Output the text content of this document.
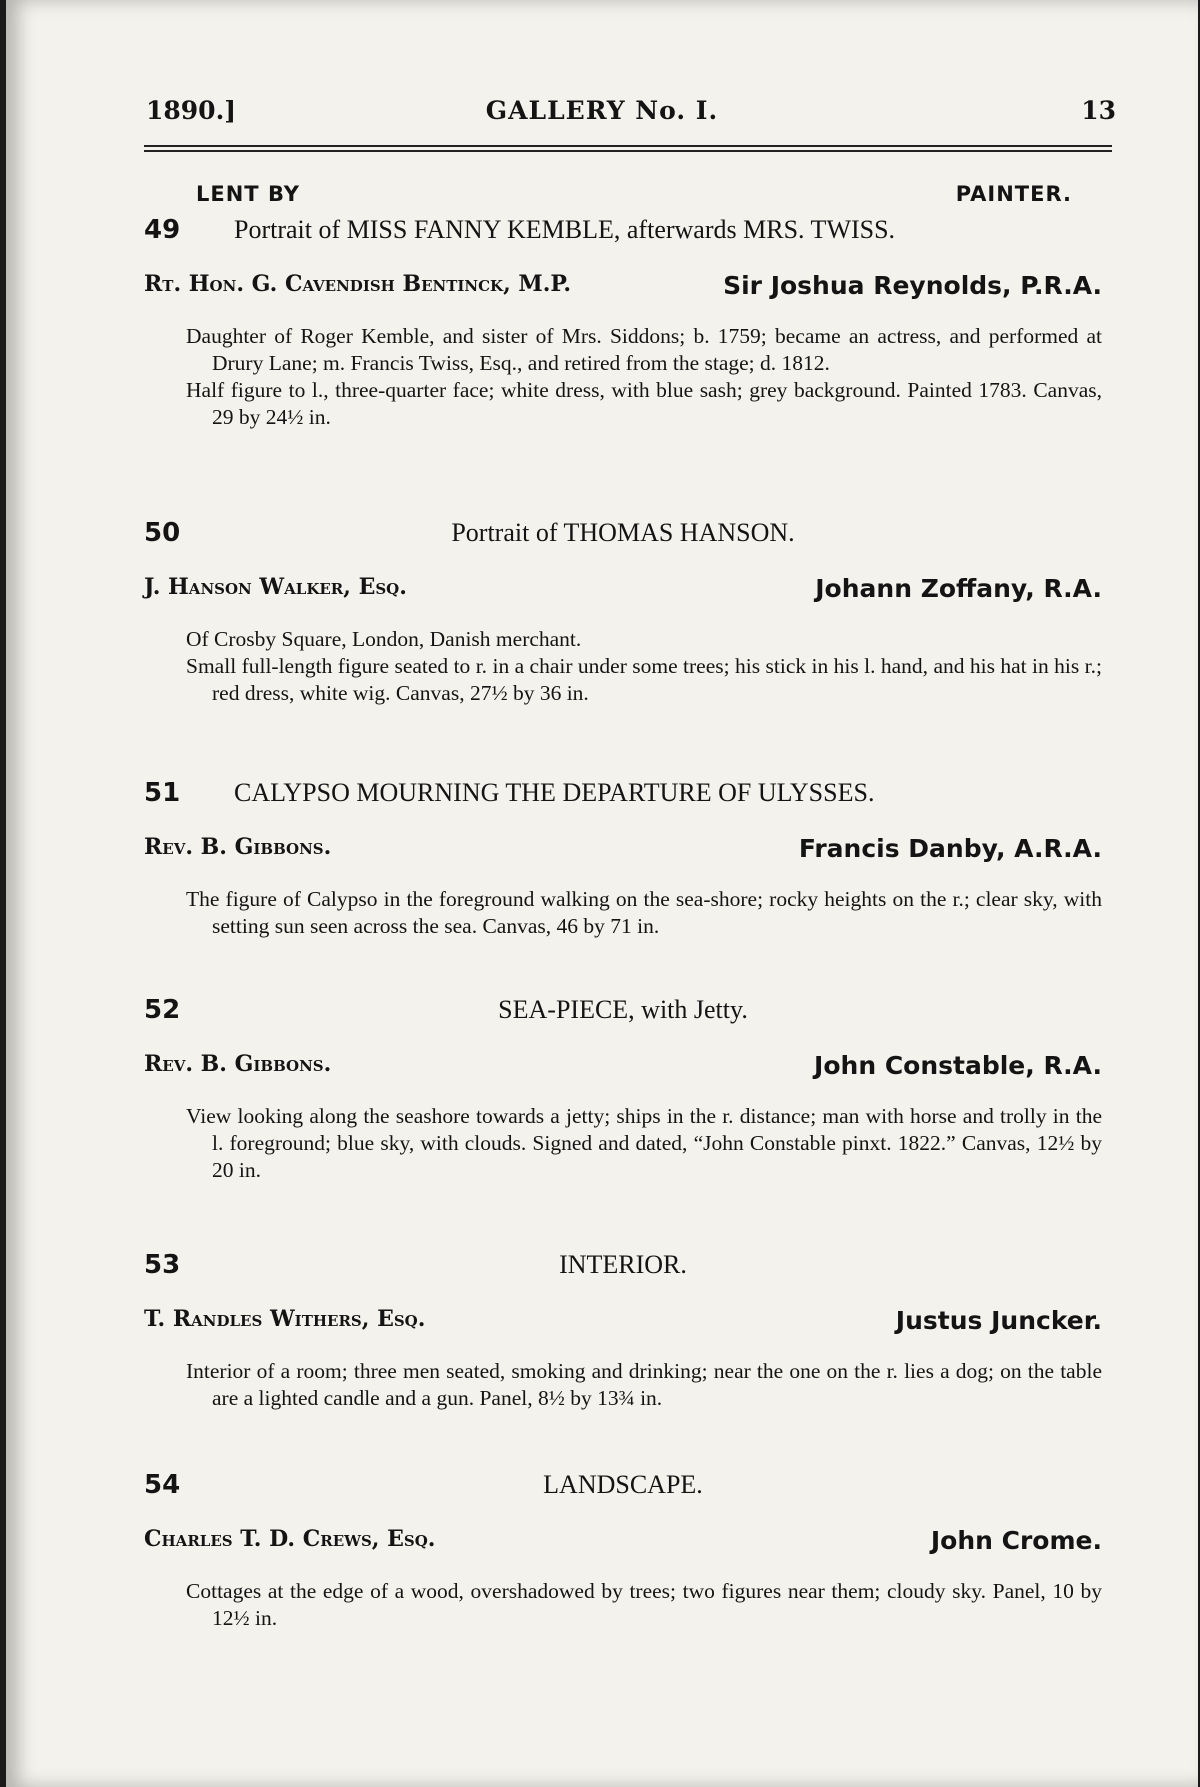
1890.]	GALLERY No. I.	13
LENT BY	PAINTER.
49 Portrait of MISS FANNY KEMBLE, afterwards MRS. TWISS.
Rt. Hon. G. Cavendish Bentinck, M.P.	Sir Joshua Reynolds, P.R.A.

Daughter of Roger Kemble, and sister of Mrs. Siddons; b. 1759; became an actress, and performed at Drury Lane; m. Francis Twiss, Esq., and retired from the stage; d. 1812.

Half figure to l., three-quarter face; white dress, with blue sash; grey background. Painted 1783. Canvas, 29 by 24½ in.

50	Portrait of THOMAS HANSON.
J. Hanson Walker, Esq.	Johann Zoffany, R.A.

Of Crosby Square, London, Danish merchant.

Small full-length figure seated to r. in a chair under some trees; his stick in his l. hand, and his hat in his r.; red dress, white wig. Canvas, 27½ by 36 in.

51 CALYPSO MOURNING THE DEPARTURE OF ULYSSES.
Rev. B. Gibbons.	Francis Danby, A.R.A.

The figure of Calypso in the foreground walking on the sea-shore; rocky heights on the r.; clear sky, with setting sun seen across the sea. Canvas, 46 by 71 in.

52	SEA-PIECE, with Jetty.
Rev. B. Gibbons.	John Constable, R.A.

View looking along the seashore towards a jetty; ships in the r. distance; man with horse and trolly in the l. foreground; blue sky, with clouds. Signed and dated, “John Constable pinxt. 1822.” Canvas, 12½ by 20 in.

53	INTERIOR.
T. Randles Withers, Esq.	Justus Juncker.

Interior of a room; three men seated, smoking and drinking; near the one on the r. lies a dog; on the table are a lighted candle and a gun. Panel, 8½ by 13¾ in.

54	LANDSCAPE.
Charles T. D. Crews, Esq.	John Crome.

Cottages at the edge of a wood, overshadowed by trees; two figures near them; cloudy sky. Panel, 10 by 12½ in.
